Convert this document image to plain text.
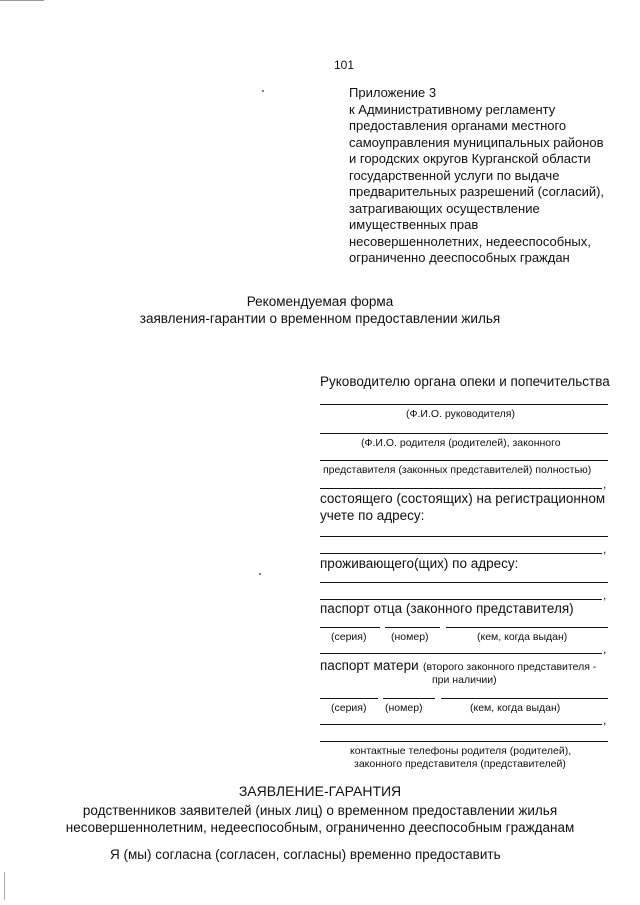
101
Приложение 3
к Административному регламенту
предоставления органами местного
самоуправления муниципальных районов
и городских округов Курганской области
государственной услуги по выдаче
предварительных разрешений (согласий),
затрагивающих осуществление
имущественных прав
несовершеннолетних, недееспособных,
ограниченно дееспособных граждан
Рекомендуемая форма
заявления-гарантии о временном предоставлении жилья
Руководителю органа опеки и попечительства
(Ф.И.О. руководителя)
(Ф.И.О. родителя (родителей), законного
представителя (законных представителей) полностью)
,
состоящего (состоящих) на регистрационном
учете по адресу:
,
проживающего(щих) по адресу:
,
паспорт отца (законного представителя)
(серия) (номер)	(кем, когда выдан)
,
паспорт матери (второго законного представителя -
при наличии)
(серия) (номер)	(кем, когда выдан)
,
контактные телефоны родителя (родителей),
законного представителя (представителей)
ЗАЯВЛЕНИЕ-ГАРАНТИЯ
родственников заявителей (иных лиц) о временном предоставлении жилья
несовершеннолетним, недееспособным, ограниченно дееспособным гражданам
Я (мы) согласна (согласен, согласны) временно предоставить
